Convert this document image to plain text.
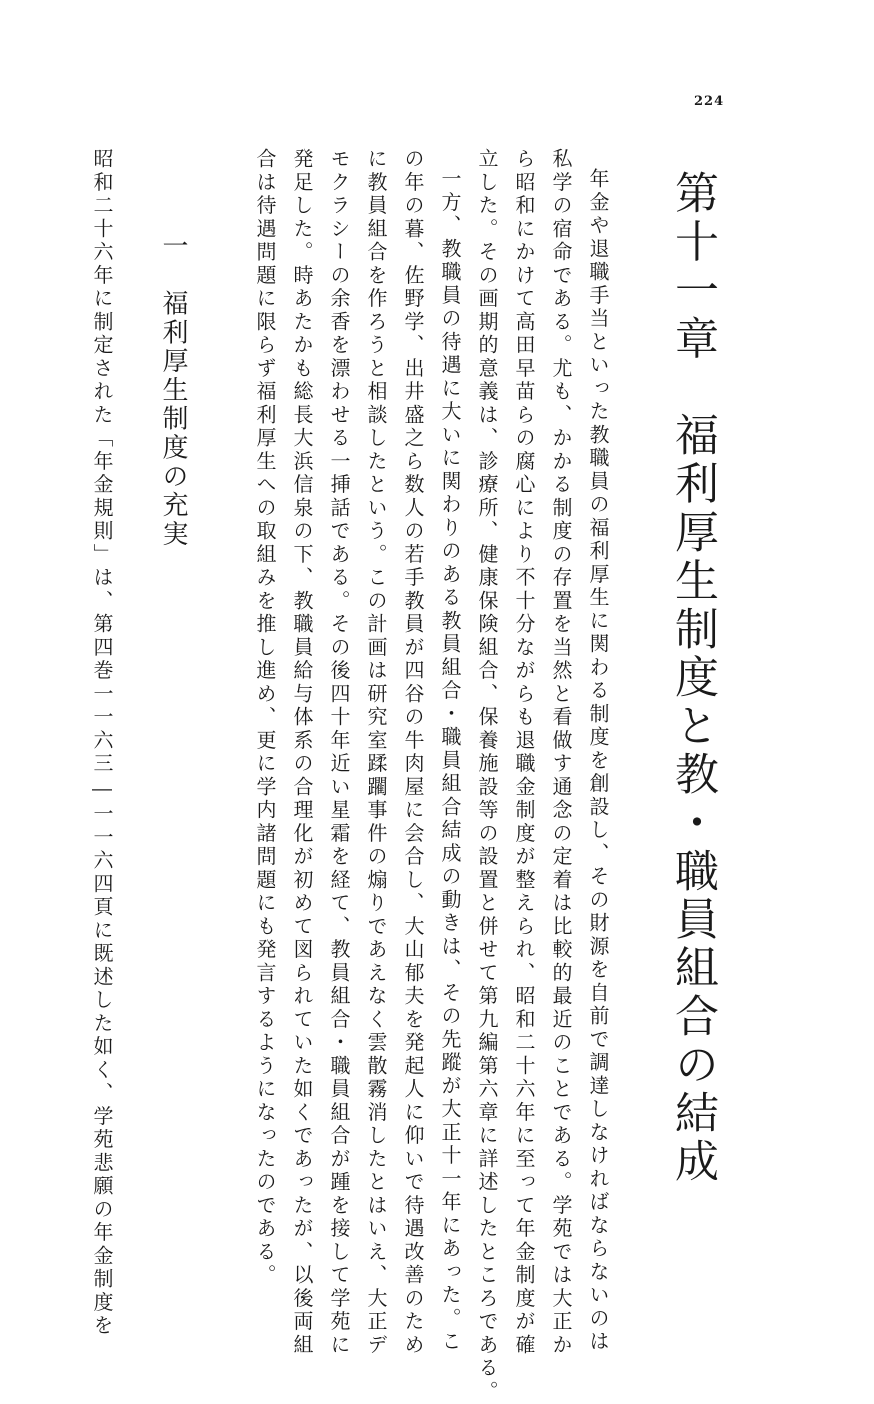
224
第十一章　福利厚生制度と教・職員組合の結成
年金や退職手当といった教職員の福利厚生に関わる制度を創設し、その財源を自前で調達しなければならないのは
私学の宿命である。尤も、かかる制度の存置を当然と看做す通念の定着は比較的最近のことである。学苑では大正か
ら昭和にかけて高田早苗らの腐心により不十分ながらも退職金制度が整えられ、昭和二十六年に至って年金制度が確
立した。その画期的意義は、診療所、健康保険組合、保養施設等の設置と併せて第九編第六章に詳述したところである。
一方、教職員の待遇に大いに関わりのある教員組合・職員組合結成の動きは、その先蹤が大正十一年にあった。こ
の年の暮、佐野学、出井盛之ら数人の若手教員が四谷の牛肉屋に会合し、大山郁夫を発起人に仰いで待遇改善のため
に教員組合を作ろうと相談したという。この計画は研究室蹂躙事件の煽りであえなく雲散霧消したとはいえ、大正デ
モクラシーの余香を漂わせる一挿話である。その後四十年近い星霜を経て、教員組合・職員組合が踵を接して学苑に
発足した。時あたかも総長大浜信泉の下、教職員給与体系の合理化が初めて図られていた如くであったが、以後両組
合は待遇問題に限らず福利厚生への取組みを推し進め、更に学内諸問題にも発言するようになったのである。
一　福利厚生制度の充実
昭和二十六年に制定された「年金規則」は、第四巻一一六三―一一六四頁に既述した如く、学苑悲願の年金制度を
